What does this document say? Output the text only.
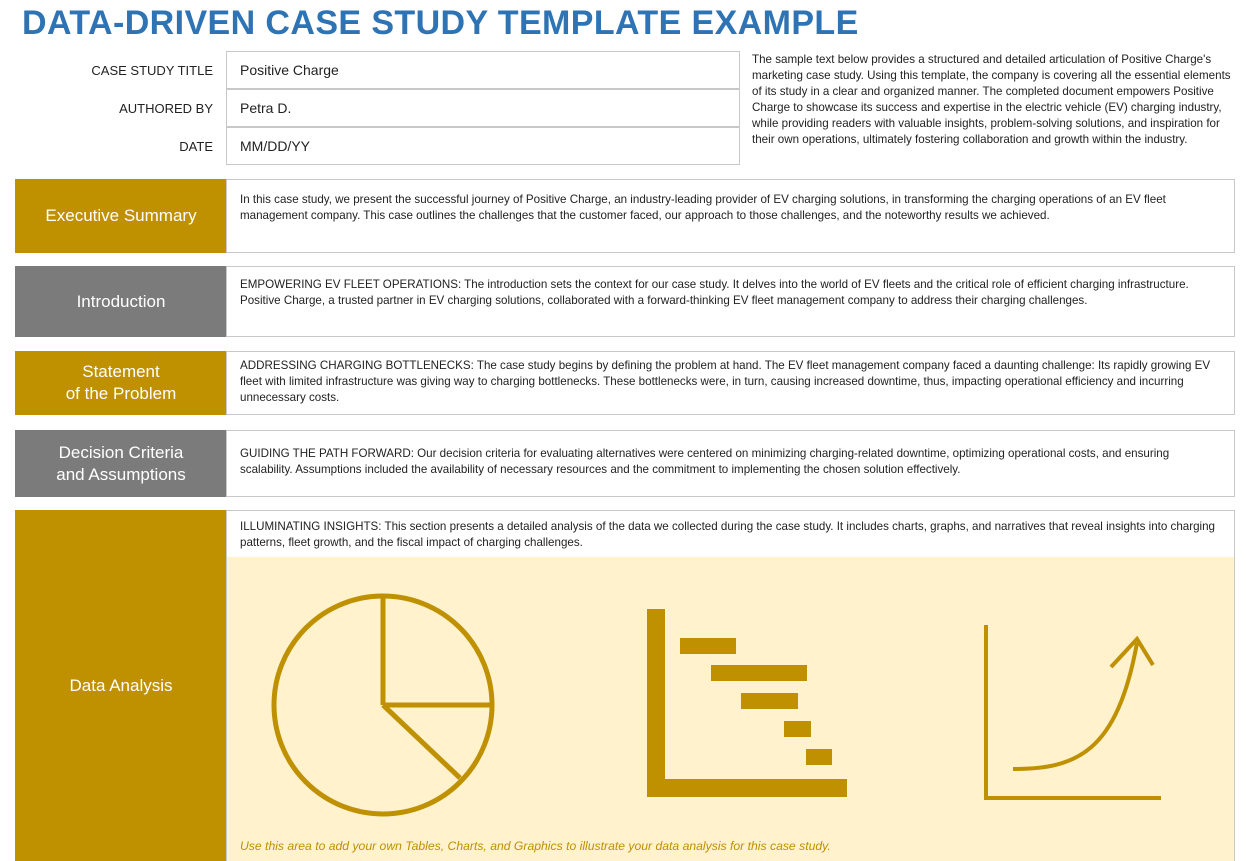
DATA-DRIVEN CASE STUDY TEMPLATE EXAMPLE
CASE STUDY TITLE	Positive Charge
AUTHORED BY	Petra D.
DATE	MM/DD/YY
The sample text below provides a structured and detailed articulation of Positive Charge's marketing case study. Using this template, the company is covering all the essential elements of its study in a clear and organized manner. The completed document empowers Positive Charge to showcase its success and expertise in the electric vehicle (EV) charging industry, while providing readers with valuable insights, problem-solving solutions, and inspiration for their own operations, ultimately fostering collaboration and growth within the industry.
Executive Summary
In this case study, we present the successful journey of Positive Charge, an industry-leading provider of EV charging solutions, in transforming the charging operations of an EV fleet management company. This case outlines the challenges that the customer faced, our approach to those challenges, and the noteworthy results we achieved.
Introduction
EMPOWERING EV FLEET OPERATIONS: The introduction sets the context for our case study. It delves into the world of EV fleets and the critical role of efficient charging infrastructure. Positive Charge, a trusted partner in EV charging solutions, collaborated with a forward-thinking EV fleet management company to address their charging challenges.
Statement
of the Problem
ADDRESSING CHARGING BOTTLENECKS: The case study begins by defining the problem at hand. The EV fleet management company faced a daunting challenge: Its rapidly growing EV fleet with limited infrastructure was giving way to charging bottlenecks. These bottlenecks were, in turn, causing increased downtime, thus, impacting operational efficiency and incurring unnecessary costs.
Decision Criteria
and Assumptions
GUIDING THE PATH FORWARD: Our decision criteria for evaluating alternatives were centered on minimizing charging-related downtime, optimizing operational costs, and ensuring scalability. Assumptions included the availability of necessary resources and the commitment to implementing the chosen solution effectively.
Data Analysis
ILLUMINATING INSIGHTS: This section presents a detailed analysis of the data we collected during the case study. It includes charts, graphs, and narratives that reveal insights into charging patterns, fleet growth, and the fiscal impact of charging challenges.
Use this area to add your own Tables, Charts, and Graphics to illustrate your data analysis for this case study.
